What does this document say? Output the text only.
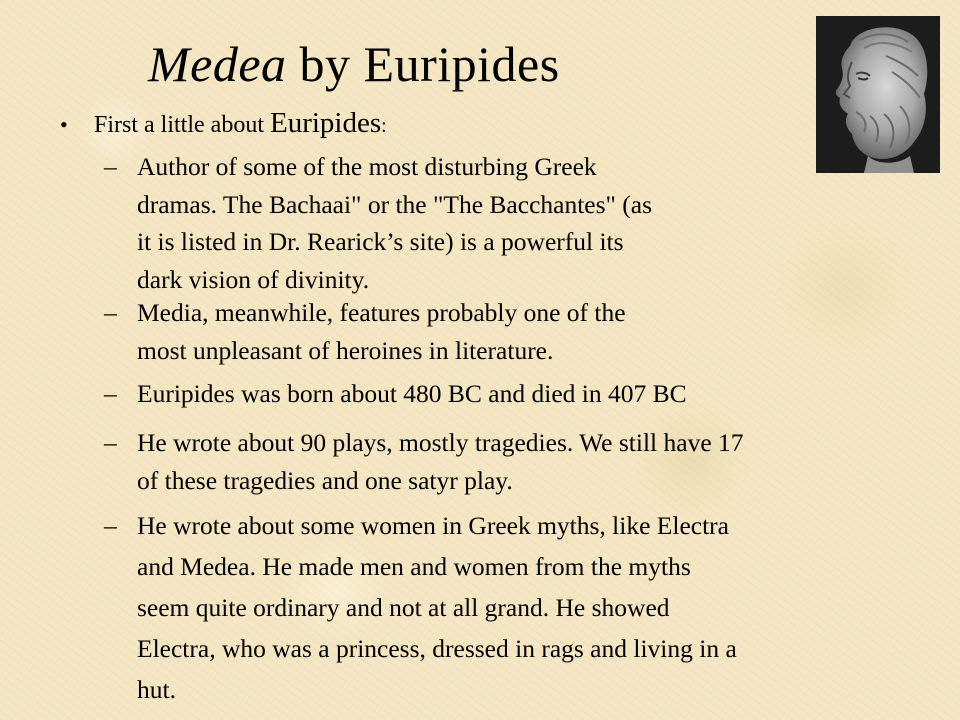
Medea by Euripides
• First a little about Euripides:
– Author of some of the most disturbing Greek
dramas. The Bachaai" or the "The Bacchantes" (as
it is listed in Dr. Rearick’s site) is a powerful its
dark vision of divinity.
– Media, meanwhile, features probably one of the
most unpleasant of heroines in literature.
– Euripides was born about 480 BC and died in 407 BC
– He wrote about 90 plays, mostly tragedies. We still have 17
of these tragedies and one satyr play.
– He wrote about some women in Greek myths, like Electra
and Medea. He made men and women from the myths
seem quite ordinary and not at all grand. He showed
Electra, who was a princess, dressed in rags and living in a
hut.
